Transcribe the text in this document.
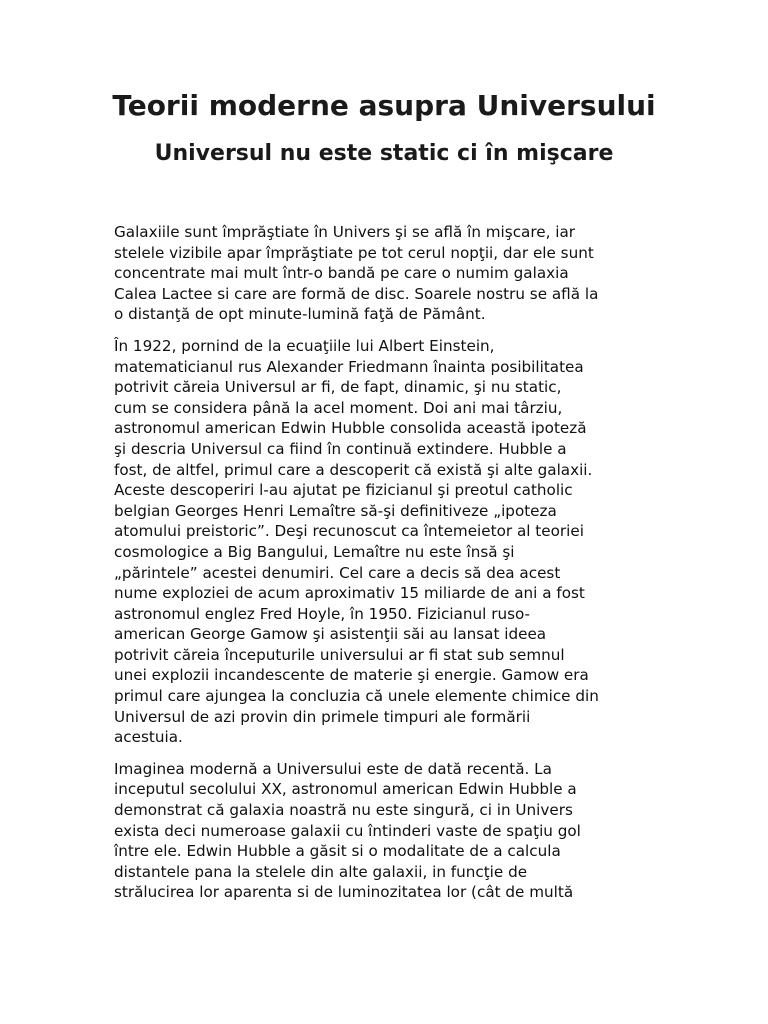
Teorii moderne asupra Universului
Universul nu este static ci în mişcare

Galaxiile sunt împrăştiate în Univers şi se află în mişcare, iar
stelele vizibile apar împrăştiate pe tot cerul nopţii, dar ele sunt
concentrate mai mult într-o bandă pe care o numim galaxia
Calea Lactee si care are formă de disc. Soarele nostru se află la
o distanţă de opt minute-lumină faţă de Pământ.

În 1922, pornind de la ecuaţiile lui Albert Einstein,
matematicianul rus Alexander Friedmann înainta posibilitatea
potrivit căreia Universul ar fi, de fapt, dinamic, şi nu static,
cum se considera până la acel moment. Doi ani mai târziu,
astronomul american Edwin Hubble consolida această ipoteză
şi descria Universul ca fiind în continuă extindere. Hubble a
fost, de altfel, primul care a descoperit că există şi alte galaxii.
Aceste descoperiri l-au ajutat pe fizicianul şi preotul catholic
belgian Georges Henri Lemaître să-şi definitiveze „ipoteza
atomului preistoric”. Deşi recunoscut ca întemeietor al teoriei
cosmologice a Big Bangului, Lemaître nu este însă şi
„părintele” acestei denumiri. Cel care a decis să dea acest
nume exploziei de acum aproximativ 15 miliarde de ani a fost
astronomul englez Fred Hoyle, în 1950. Fizicianul ruso-
american George Gamow şi asistenţii săi au lansat ideea
potrivit căreia începuturile universului ar fi stat sub semnul
unei explozii incandescente de materie şi energie. Gamow era
primul care ajungea la concluzia că unele elemente chimice din
Universul de azi provin din primele timpuri ale formării
acestuia.

Imaginea modernă a Universului este de dată recentă. La
inceputul secolului XX, astronomul american Edwin Hubble a
demonstrat că galaxia noastră nu este singură, ci in Univers
exista deci numeroase galaxii cu întinderi vaste de spaţiu gol
între ele. Edwin Hubble a găsit si o modalitate de a calcula
distantele pana la stelele din alte galaxii, in funcţie de
strălucirea lor aparenta si de luminozitatea lor (cât de multă
